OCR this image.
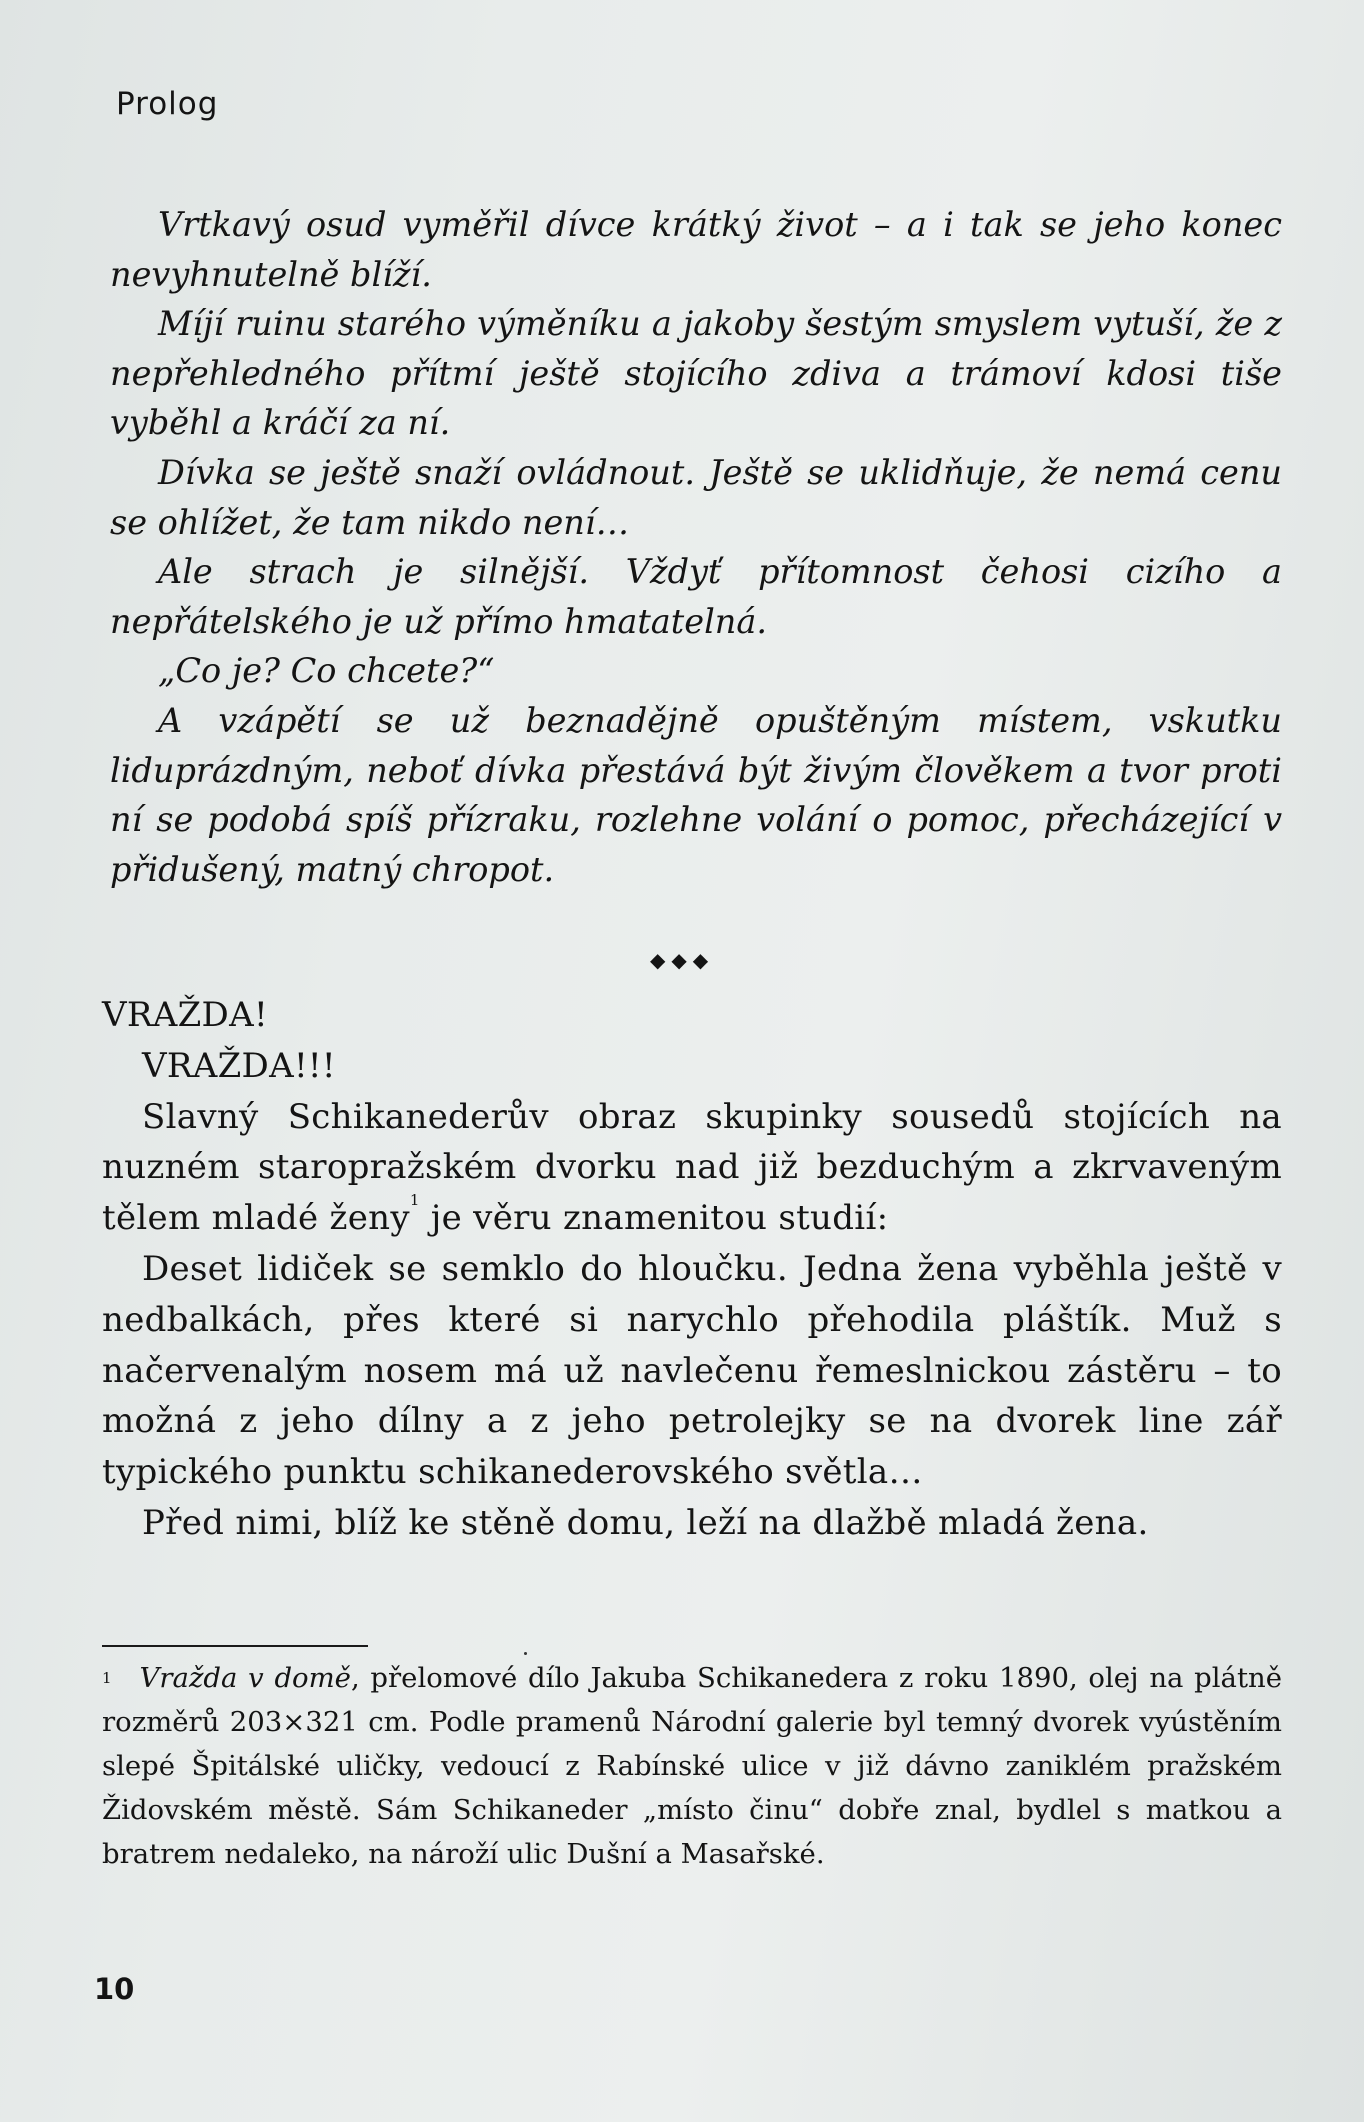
Prolog

Vrtkavý osud vyměřil dívce krátký život – a i tak se jeho konec nevyhnutelně blíží.

Míjí ruinu starého výměníku a jakoby šestým smyslem vytuší, že z nepřehledného přítmí ještě stojícího zdiva a trámoví kdosi tiše vyběhl a kráčí za ní.

Dívka se ještě snaží ovládnout. Ještě se uklidňuje, že nemá cenu se ohlížet, že tam nikdo není…

Ale strach je silnější. Vždyť přítomnost čehosi cizího a nepřátelského je už přímo hmatatelná.

„Co je? Co chcete?“

A vzápětí se už beznadějně opuštěným místem, vskutku liduprázdným, neboť dívka přestává být živým člověkem a tvor proti ní se podobá spíš přízraku, rozlehne volání o pomoc, přecházející v přidušený, matný chropot.

◆◆◆

VRAŽDA!

VRAŽDA!!!

Slavný Schikanederův obraz skupinky sousedů stojících na nuzném staropražském dvorku nad již bezduchým a zkrvaveným tělem mladé ženy$^1$ je věru znamenitou studií:

Deset lidiček se semklo do hloučku. Jedna žena vyběhla ještě v nedbalkách, přes které si narychlo přehodila pláštík. Muž s načervenalým nosem má už navlečenu řemeslnickou zástěru – to možná z jeho dílny a z jeho petrolejky se na dvorek line zář typického punktu schikanederovského světla…

Před nimi, blíž ke stěně domu, leží na dlažbě mladá žena.

$^1$ Vražda v domě, přelomové dílo Jakuba Schikanedera z roku 1890, olej na plátně rozměrů 203×321 cm. Podle pramenů Národní galerie byl temný dvorek vyústěním slepé Špitálské uličky, vedoucí z Rabínské ulice v již dávno zaniklém pražském Židovském městě. Sám Schikaneder „místo činu“ dobře znal, bydlel s matkou a bratrem nedaleko, na nároží ulic Dušní a Masařské.
10
